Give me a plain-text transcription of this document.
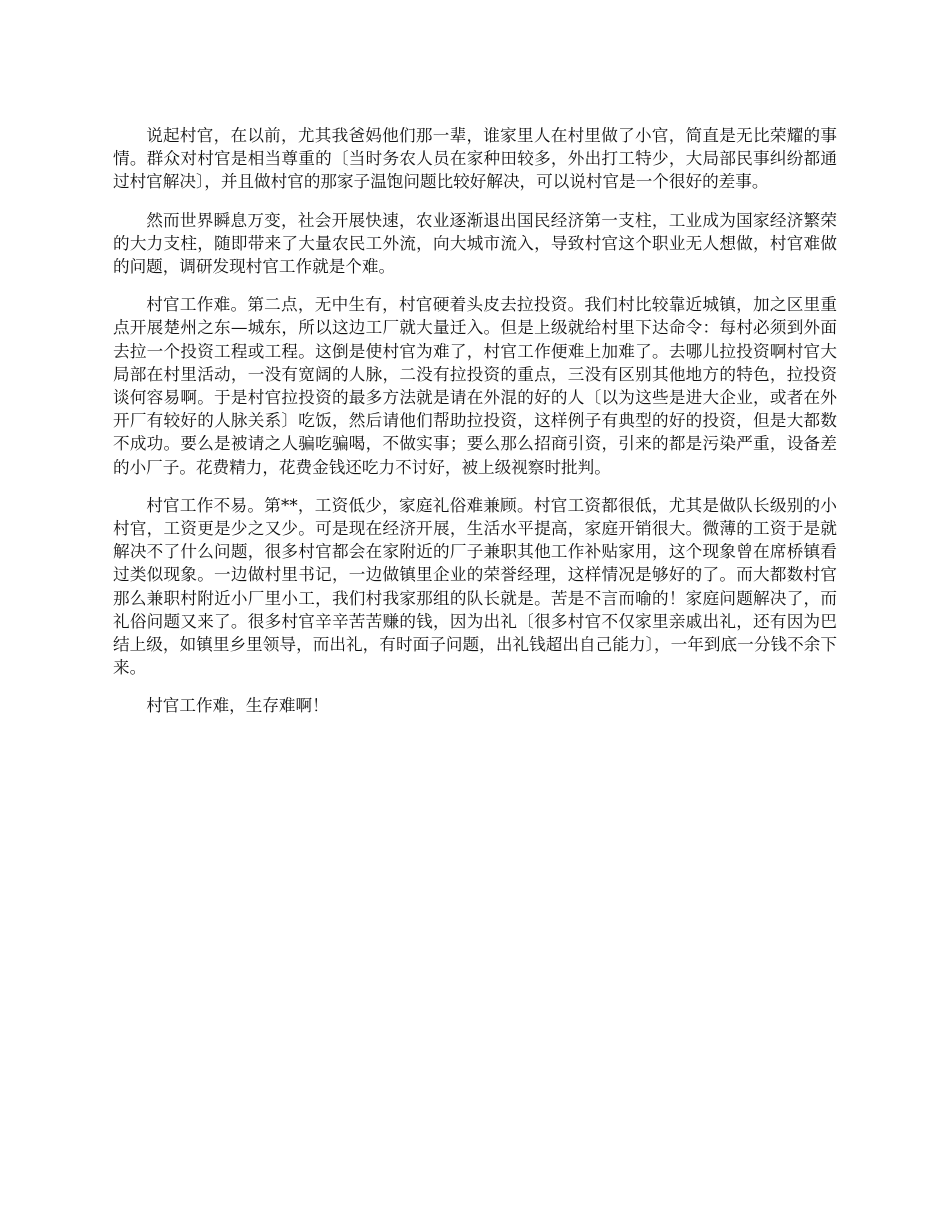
说起村官，在以前，尤其我爸妈他们那一辈，谁家里人在村里做了小官，简直是无比荣耀的事情。群众对村官是相当尊重的〔当时务农人员在家种田较多，外出打工特少，大局部民事纠纷都通过村官解决〕，并且做村官的那家子温饱问题比较好解决，可以说村官是一个很好的差事。

然而世界瞬息万变，社会开展快速，农业逐渐退出国民经济第一支柱，工业成为国家经济繁荣的大力支柱，随即带来了大量农民工外流，向大城市流入，导致村官这个职业无人想做，村官难做的问题，调研发现村官工作就是个难。

村官工作难。第二点，无中生有，村官硬着头皮去拉投资。我们村比较靠近城镇，加之区里重点开展楚州之东—城东，所以这边工厂就大量迁入。但是上级就给村里下达命令：每村必须到外面去拉一个投资工程或工程。这倒是使村官为难了，村官工作便难上加难了。去哪儿拉投资啊村官大局部在村里活动，一没有宽阔的人脉，二没有拉投资的重点，三没有区别其他地方的特色，拉投资谈何容易啊。于是村官拉投资的最多方法就是请在外混的好的人〔以为这些是进大企业，或者在外开厂有较好的人脉关系〕吃饭，然后请他们帮助拉投资，这样例子有典型的好的投资，但是大都数不成功。要么是被请之人骗吃骗喝，不做实事；要么那么招商引资，引来的都是污染严重，设备差的小厂子。花费精力，花费金钱还吃力不讨好，被上级视察时批判。

村官工作不易。第**，工资低少，家庭礼俗难兼顾。村官工资都很低，尤其是做队长级别的小村官，工资更是少之又少。可是现在经济开展，生活水平提高，家庭开销很大。微薄的工资于是就解决不了什么问题，很多村官都会在家附近的厂子兼职其他工作补贴家用，这个现象曾在席桥镇看过类似现象。一边做村里书记，一边做镇里企业的荣誉经理，这样情况是够好的了。而大都数村官那么兼职村附近小厂里小工，我们村我家那组的队长就是。苦是不言而喻的！家庭问题解决了，而礼俗问题又来了。很多村官辛辛苦苦赚的钱，因为出礼〔很多村官不仅家里亲戚出礼，还有因为巴结上级，如镇里乡里领导，而出礼，有时面子问题，出礼钱超出自己能力〕，一年到底一分钱不余下来。

村官工作难，生存难啊！
